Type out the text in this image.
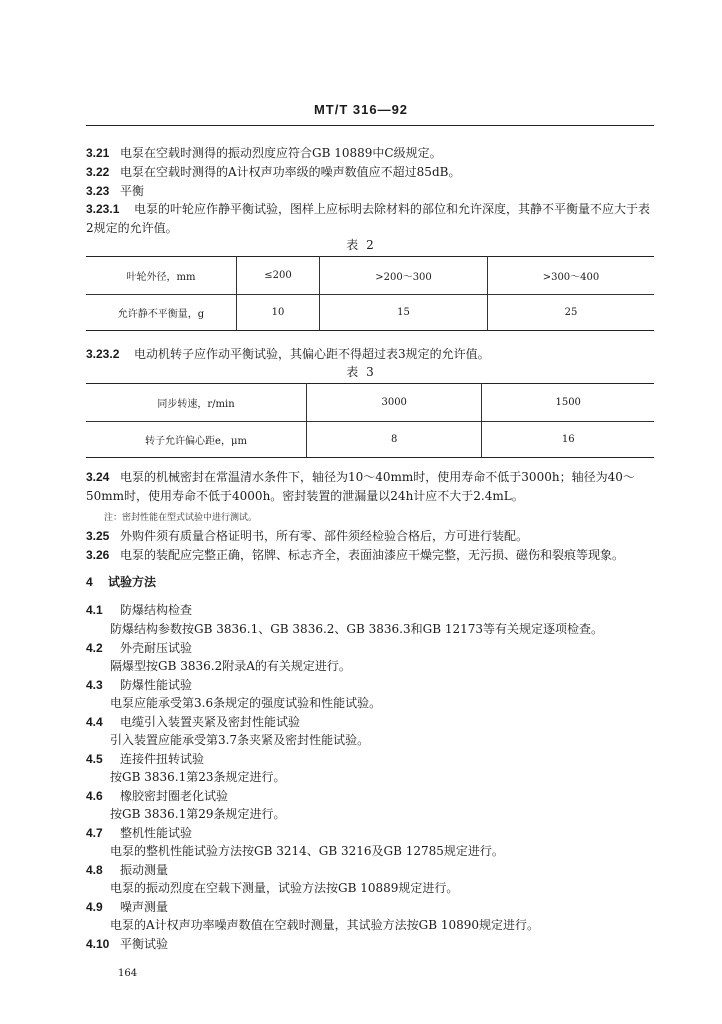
MT/T 316—92
3.21 电泵在空载时测得的振动烈度应符合GB 10889中C级规定。
3.22 电泵在空载时测得的A计权声功率级的噪声数值应不超过85dB。
3.23 平衡
3.23.1 电泵的叶轮应作静平衡试验，图样上应标明去除材料的部位和允许深度，其静不平衡量不应大于表2规定的允许值。
表 2
叶轮外径，mm	≤200	>200～300	>300～400
允许静不平衡量，g	10	15	25
3.23.2 电动机转子应作动平衡试验，其偏心距不得超过表3规定的允许值。
表 3
同步转速，r/min	3000	1500
转子允许偏心距e，μm	8	16
3.24 电泵的机械密封在常温清水条件下，轴径为10～40mm时，使用寿命不低于3000h；轴径为40～50mm时，使用寿命不低于4000h。密封装置的泄漏量以24h计应不大于2.4mL。
注：密封性能在型式试验中进行测试。
3.25 外购件须有质量合格证明书，所有零、部件须经检验合格后，方可进行装配。
3.26 电泵的装配应完整正确，铭牌、标志齐全，表面油漆应干燥完整，无污损、磁伤和裂痕等现象。
4 试验方法
4.1 防爆结构检查
防爆结构参数按GB 3836.1、GB 3836.2、GB 3836.3和GB 12173等有关规定逐项检查。
4.2 外壳耐压试验
隔爆型按GB 3836.2附录A的有关规定进行。
4.3 防爆性能试验
电泵应能承受第3.6条规定的强度试验和性能试验。
4.4 电缆引入装置夹紧及密封性能试验
引入装置应能承受第3.7条夹紧及密封性能试验。
4.5 连接件扭转试验
按GB 3836.1第23条规定进行。
4.6 橡胶密封圈老化试验
按GB 3836.1第29条规定进行。
4.7 整机性能试验
电泵的整机性能试验方法按GB 3214、GB 3216及GB 12785规定进行。
4.8 振动测量
电泵的振动烈度在空载下测量，试验方法按GB 10889规定进行。
4.9 噪声测量
电泵的A计权声功率噪声数值在空载时测量，其试验方法按GB 10890规定进行。
4.10 平衡试验
164
